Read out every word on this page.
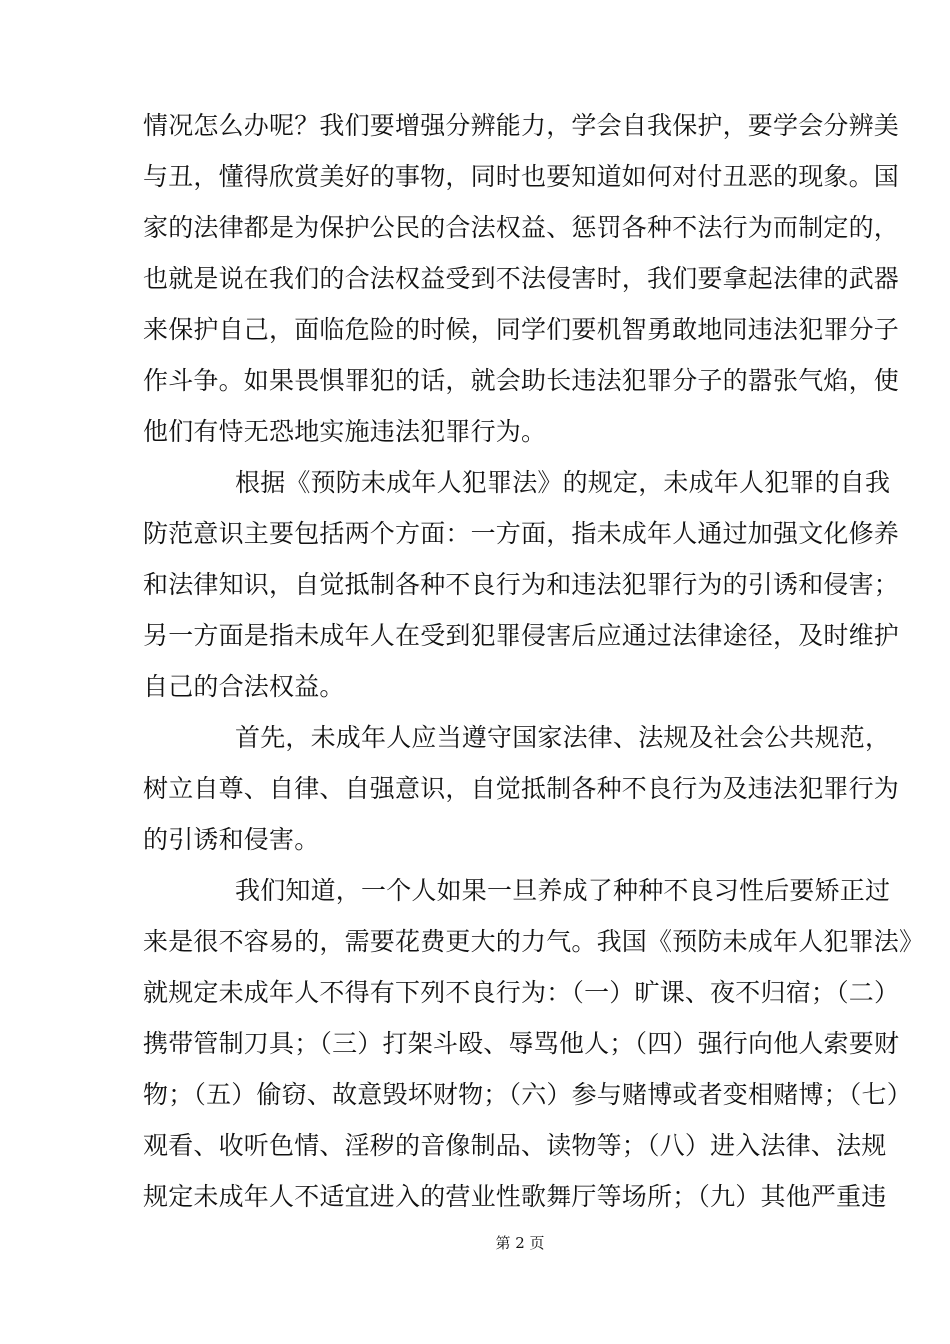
情况怎么办呢？我们要增强分辨能力，学会自我保护，要学会分辨美
与丑，懂得欣赏美好的事物，同时也要知道如何对付丑恶的现象。国
家的法律都是为保护公民的合法权益、惩罚各种不法行为而制定的，
也就是说在我们的合法权益受到不法侵害时，我们要拿起法律的武器
来保护自己，面临危险的时候，同学们要机智勇敢地同违法犯罪分子
作斗争。如果畏惧罪犯的话，就会助长违法犯罪分子的嚣张气焰，使
他们有恃无恐地实施违法犯罪行为。
根据《预防未成年人犯罪法》的规定，未成年人犯罪的自我
防范意识主要包括两个方面：一方面，指未成年人通过加强文化修养
和法律知识，自觉抵制各种不良行为和违法犯罪行为的引诱和侵害；
另一方面是指未成年人在受到犯罪侵害后应通过法律途径，及时维护
自己的合法权益。
首先，未成年人应当遵守国家法律、法规及社会公共规范，
树立自尊、自律、自强意识，自觉抵制各种不良行为及违法犯罪行为
的引诱和侵害。
我们知道，一个人如果一旦养成了种种不良习性后要矫正过
来是很不容易的，需要花费更大的力气。我国《预防未成年人犯罪法》
就规定未成年人不得有下列不良行为：（一）旷课、夜不归宿；（二）
携带管制刀具；（三）打架斗殴、辱骂他人；（四）强行向他人索要财
物；（五）偷窃、故意毁坏财物；（六）参与赌博或者变相赌博；（七）
观看、收听色情、淫秽的音像制品、读物等；（八）进入法律、法规
规定未成年人不适宜进入的营业性歌舞厅等场所；（九）其他严重违
第 2 页
